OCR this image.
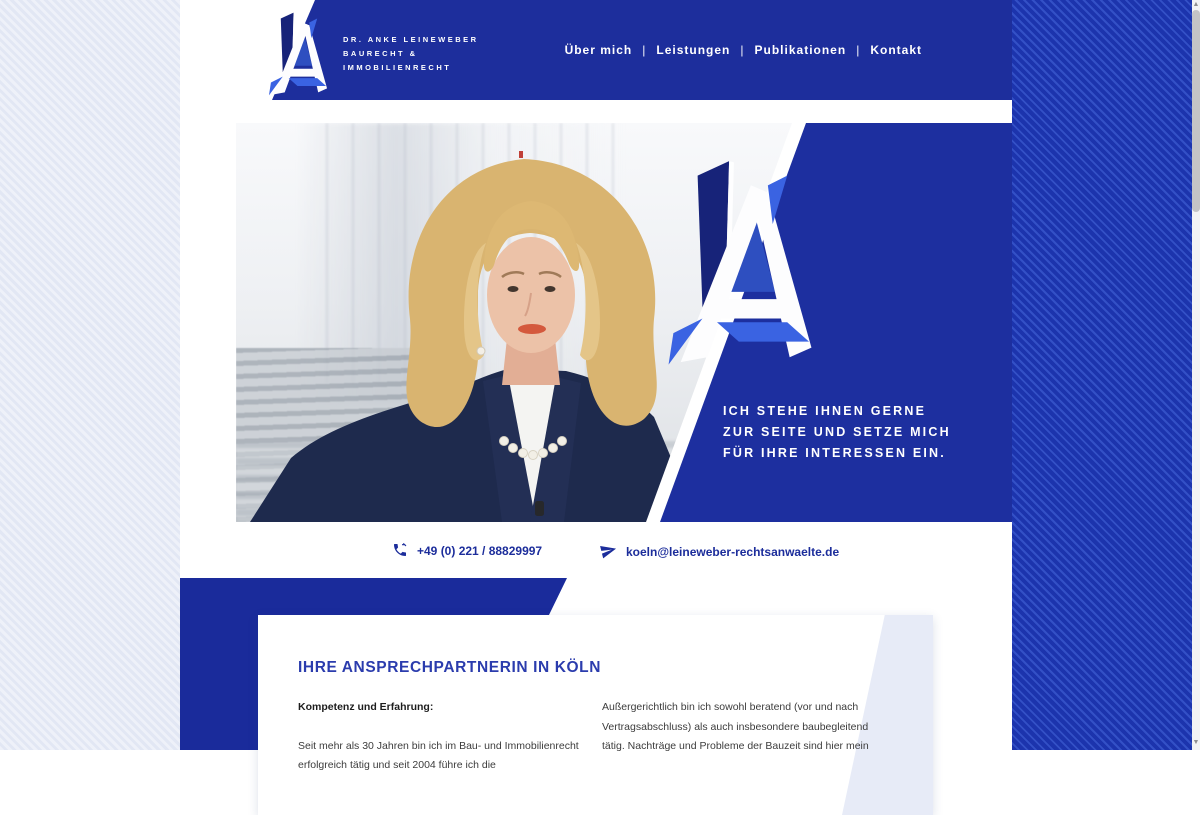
DR. ANKE LEINEWEBER
BAURECHT &
IMMOBILIENRECHT
Über mich | Leistungen | Publikationen | Kontakt
ICH STEHE IHNEN GERNE
ZUR SEITE UND SETZE MICH
FÜR IHRE INTERESSEN EIN.
+49 (0) 221 / 88829997	koeln@leineweber-rechtsanwaelte.de
IHRE ANSPRECHPARTNERIN IN KÖLN
Kompetenz und Erfahrung:
Seit mehr als 30 Jahren bin ich im Bau- und Immobilienrecht
erfolgreich tätig und seit 2004 führe ich die
Außergerichtlich bin ich sowohl beratend (vor und nach
Vertragsabschluss) als auch insbesondere baubegleitend
tätig. Nachträge und Probleme der Bauzeit sind hier mein
▲
▼
